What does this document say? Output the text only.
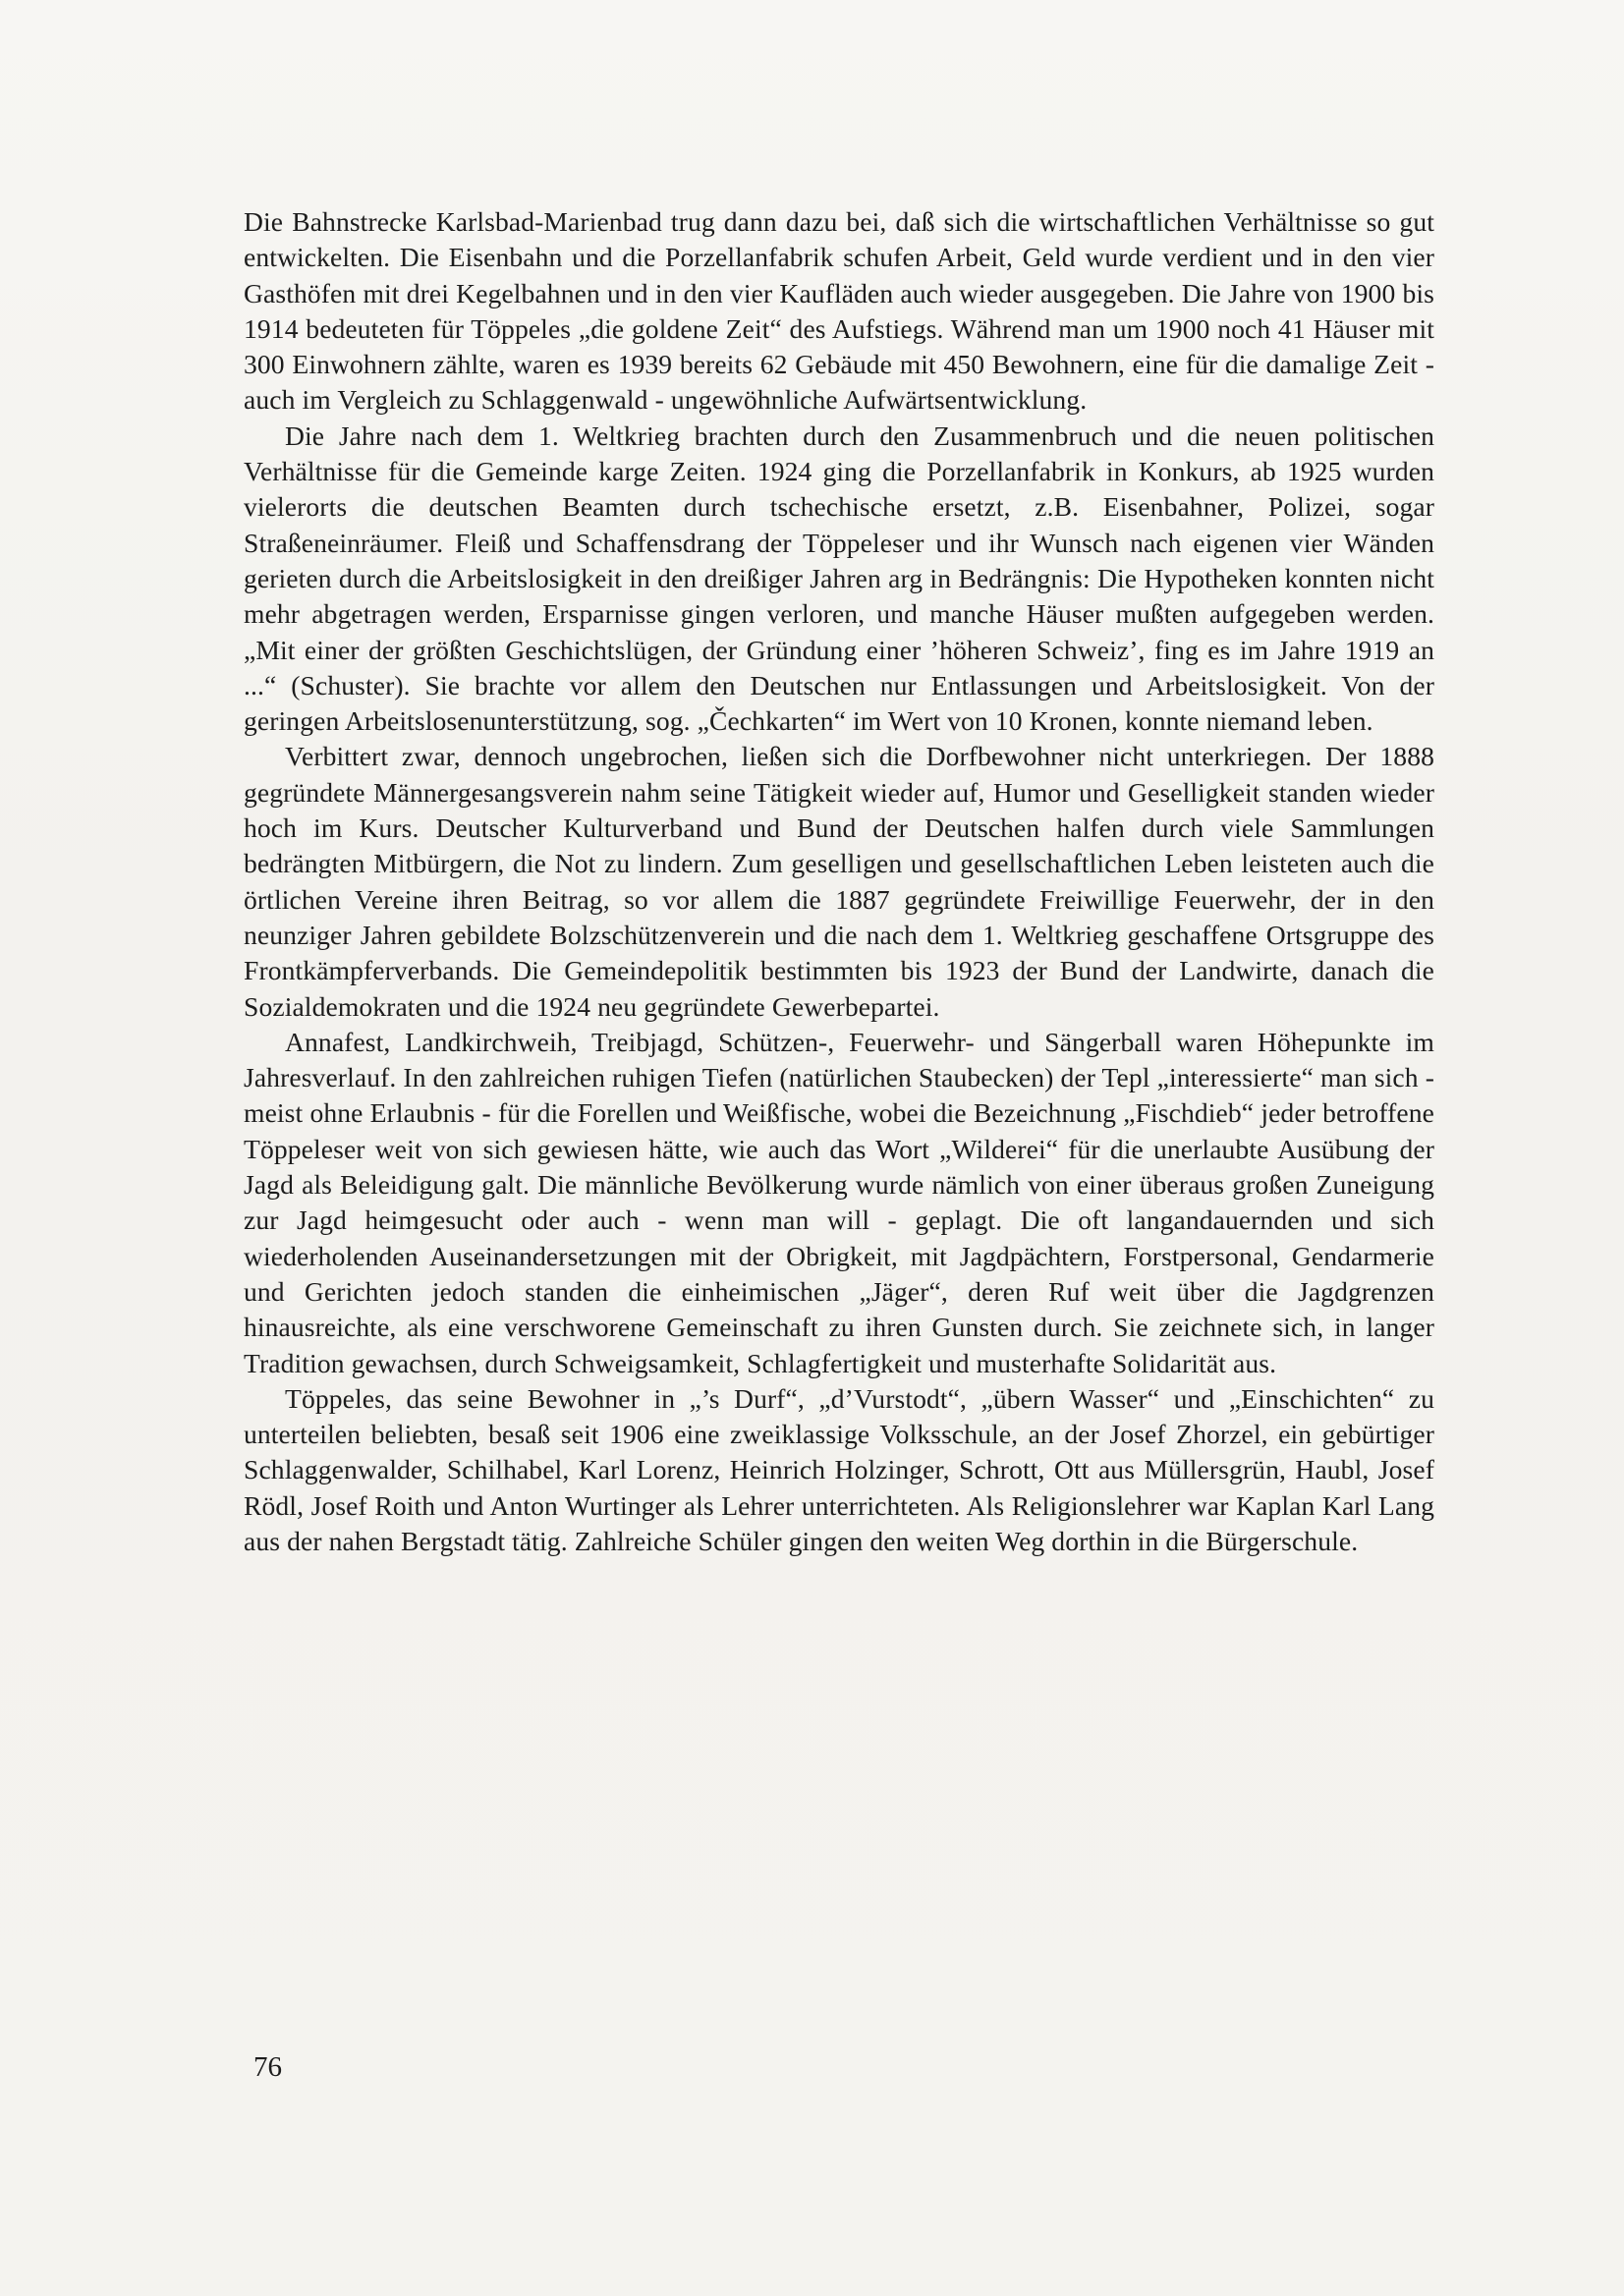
Die Bahnstrecke Karlsbad-Marienbad trug dann dazu bei, daß sich die wirtschaftlichen Verhältnisse so gut entwickelten. Die Eisenbahn und die Porzellanfabrik schufen Arbeit, Geld wurde verdient und in den vier Gasthöfen mit drei Kegelbahnen und in den vier Kaufläden auch wieder ausgegeben. Die Jahre von 1900 bis 1914 bedeuteten für Töppeles „die goldene Zeit“ des Aufstiegs. Während man um 1900 noch 41 Häuser mit 300 Einwohnern zählte, waren es 1939 bereits 62 Gebäude mit 450 Bewohnern, eine für die damalige Zeit - auch im Vergleich zu Schlaggenwald - ungewöhnliche Aufwärtsentwicklung.

Die Jahre nach dem 1. Weltkrieg brachten durch den Zusammenbruch und die neuen politischen Verhältnisse für die Gemeinde karge Zeiten. 1924 ging die Porzellanfabrik in Konkurs, ab 1925 wurden vielerorts die deutschen Beamten durch tschechische ersetzt, z.B. Eisenbahner, Polizei, sogar Straßeneinräumer. Fleiß und Schaffensdrang der Töppeleser und ihr Wunsch nach eigenen vier Wänden gerieten durch die Arbeitslosigkeit in den dreißiger Jahren arg in Bedrängnis: Die Hypotheken konnten nicht mehr abgetragen werden, Ersparnisse gingen verloren, und manche Häuser mußten aufgegeben werden. „Mit einer der größten Geschichtslügen, der Gründung einer ’höheren Schweiz’, fing es im Jahre 1919 an ...“ (Schuster). Sie brachte vor allem den Deutschen nur Entlassungen und Arbeitslosigkeit. Von der geringen Arbeitslosenunterstützung, sog. „Čechkarten“ im Wert von 10 Kronen, konnte niemand leben.

Verbittert zwar, dennoch ungebrochen, ließen sich die Dorfbewohner nicht unterkriegen. Der 1888 gegründete Männergesangsverein nahm seine Tätigkeit wieder auf, Humor und Geselligkeit standen wieder hoch im Kurs. Deutscher Kulturverband und Bund der Deutschen halfen durch viele Sammlungen bedrängten Mitbürgern, die Not zu lindern. Zum geselligen und gesellschaftlichen Leben leisteten auch die örtlichen Vereine ihren Beitrag, so vor allem die 1887 gegründete Freiwillige Feuerwehr, der in den neunziger Jahren gebildete Bolzschützenverein und die nach dem 1. Weltkrieg geschaffene Ortsgruppe des Frontkämpferverbands. Die Gemeindepolitik bestimmten bis 1923 der Bund der Landwirte, danach die Sozialdemokraten und die 1924 neu gegründete Gewerbepartei.

Annafest, Landkirchweih, Treibjagd, Schützen-, Feuerwehr- und Sängerball waren Höhepunkte im Jahresverlauf. In den zahlreichen ruhigen Tiefen (natürlichen Staubecken) der Tepl „interessierte“ man sich - meist ohne Erlaubnis - für die Forellen und Weißfische, wobei die Bezeichnung „Fischdieb“ jeder betroffene Töppeleser weit von sich gewiesen hätte, wie auch das Wort „Wilderei“ für die unerlaubte Ausübung der Jagd als Beleidigung galt. Die männliche Bevölkerung wurde nämlich von einer überaus großen Zuneigung zur Jagd heimgesucht oder auch - wenn man will - geplagt. Die oft langandauernden und sich wiederholenden Auseinandersetzungen mit der Obrigkeit, mit Jagdpächtern, Forstpersonal, Gendarmerie und Gerichten jedoch standen die einheimischen „Jäger“, deren Ruf weit über die Jagdgrenzen hinausreichte, als eine verschworene Gemeinschaft zu ihren Gunsten durch. Sie zeichnete sich, in langer Tradition gewachsen, durch Schweigsamkeit, Schlagfertigkeit und musterhafte Solidarität aus.

Töppeles, das seine Bewohner in „’s Durf“, „d’Vurstodt“, „übern Wasser“ und „Einschichten“ zu unterteilen beliebten, besaß seit 1906 eine zweiklassige Volksschule, an der Josef Zhorzel, ein gebürtiger Schlaggenwalder, Schilhabel, Karl Lorenz, Heinrich Holzinger, Schrott, Ott aus Müllersgrün, Haubl, Josef Rödl, Josef Roith und Anton Wurtinger als Lehrer unterrichteten. Als Religionslehrer war Kaplan Karl Lang aus der nahen Bergstadt tätig. Zahlreiche Schüler gingen den weiten Weg dorthin in die Bürgerschule.

76
